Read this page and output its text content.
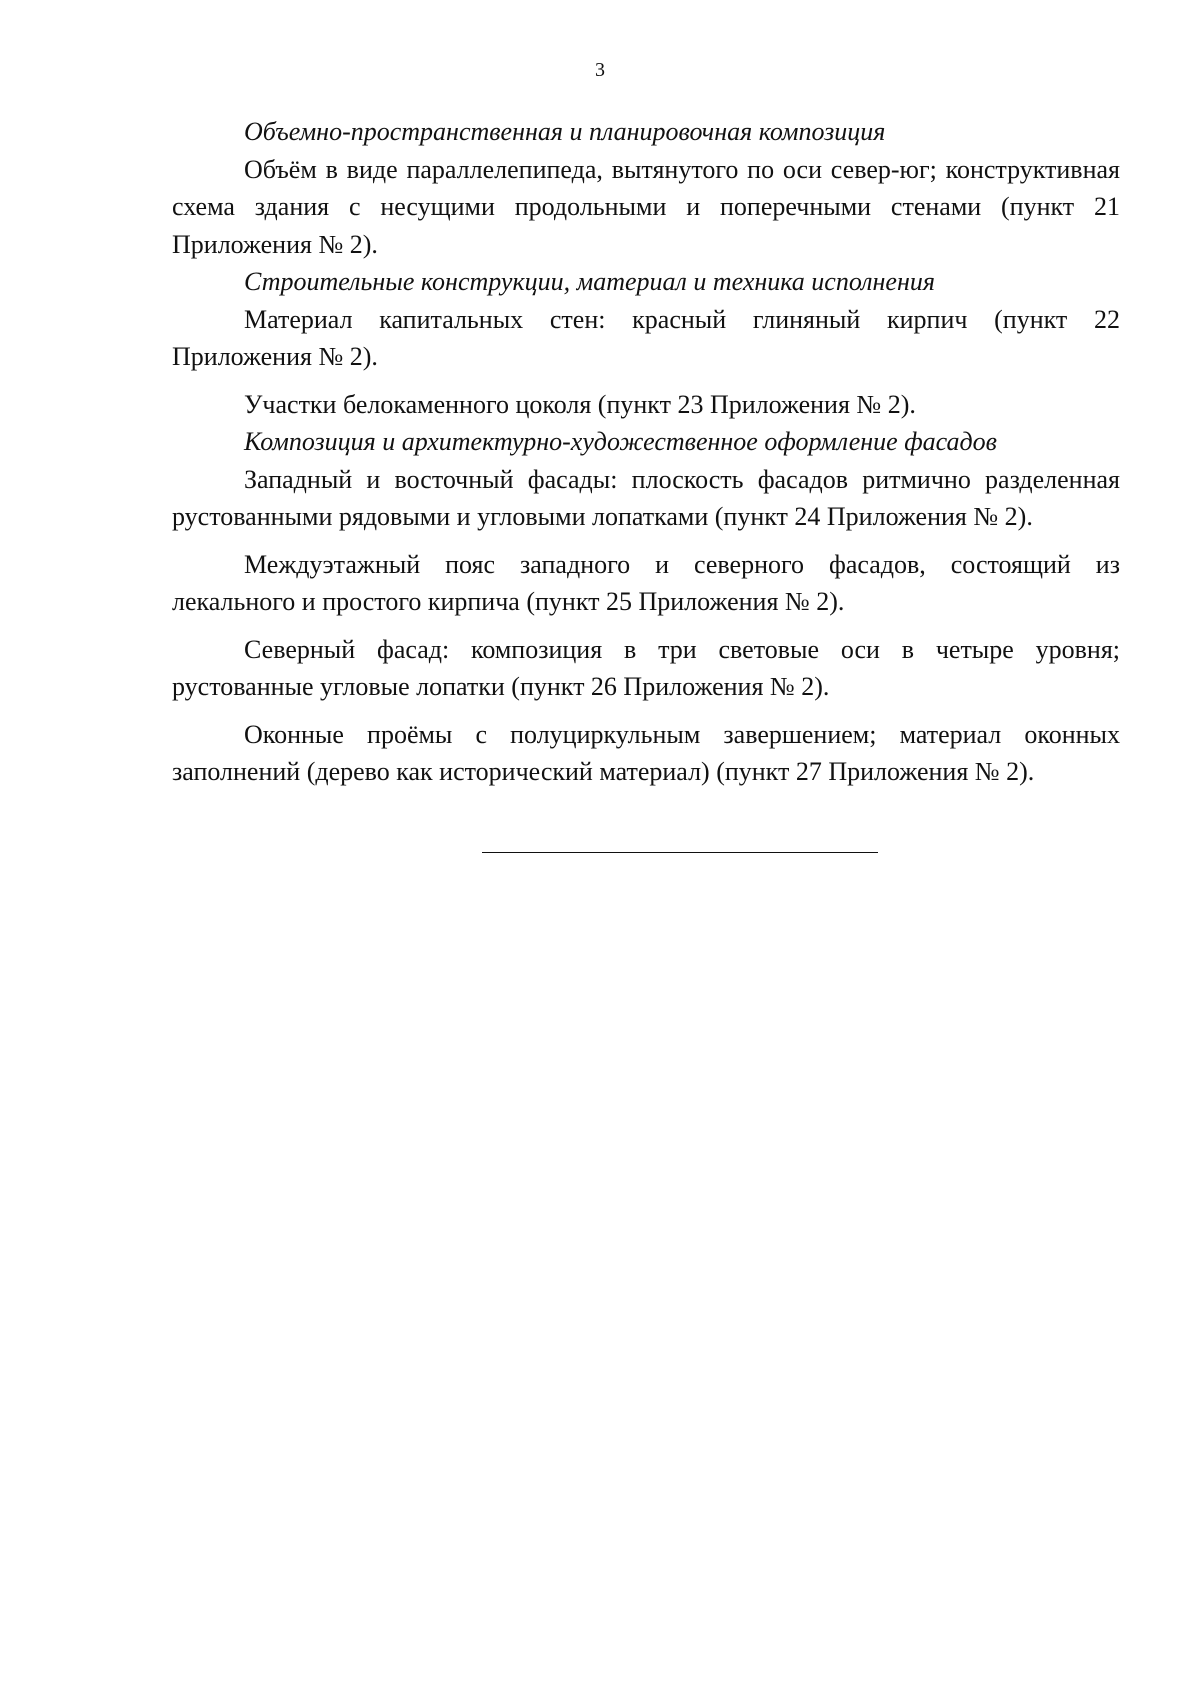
3

Объемно-пространственная и планировочная композиция

Объём в виде параллелепипеда, вытянутого по оси север-юг; конструктивная схема здания с несущими продольными и поперечными стенами (пункт 21 Приложения № 2).

Строительные конструкции, материал и техника исполнения

Материал капитальных стен: красный глиняный кирпич (пункт 22 Приложения № 2).

Участки белокаменного цоколя (пункт 23 Приложения № 2).

Композиция и архитектурно-художественное оформление фасадов

Западный и восточный фасады: плоскость фасадов ритмично разделенная рустованными рядовыми и угловыми лопатками (пункт 24 Приложения № 2).

Междуэтажный пояс западного и северного фасадов, состоящий из лекального и простого кирпича (пункт 25 Приложения № 2).

Северный фасад: композиция в три световые оси в четыре уровня; рустованные угловые лопатки (пункт 26 Приложения № 2).

Оконные проёмы с полуциркульным завершением; материал оконных заполнений (дерево как исторический материал) (пункт 27 Приложения № 2).
